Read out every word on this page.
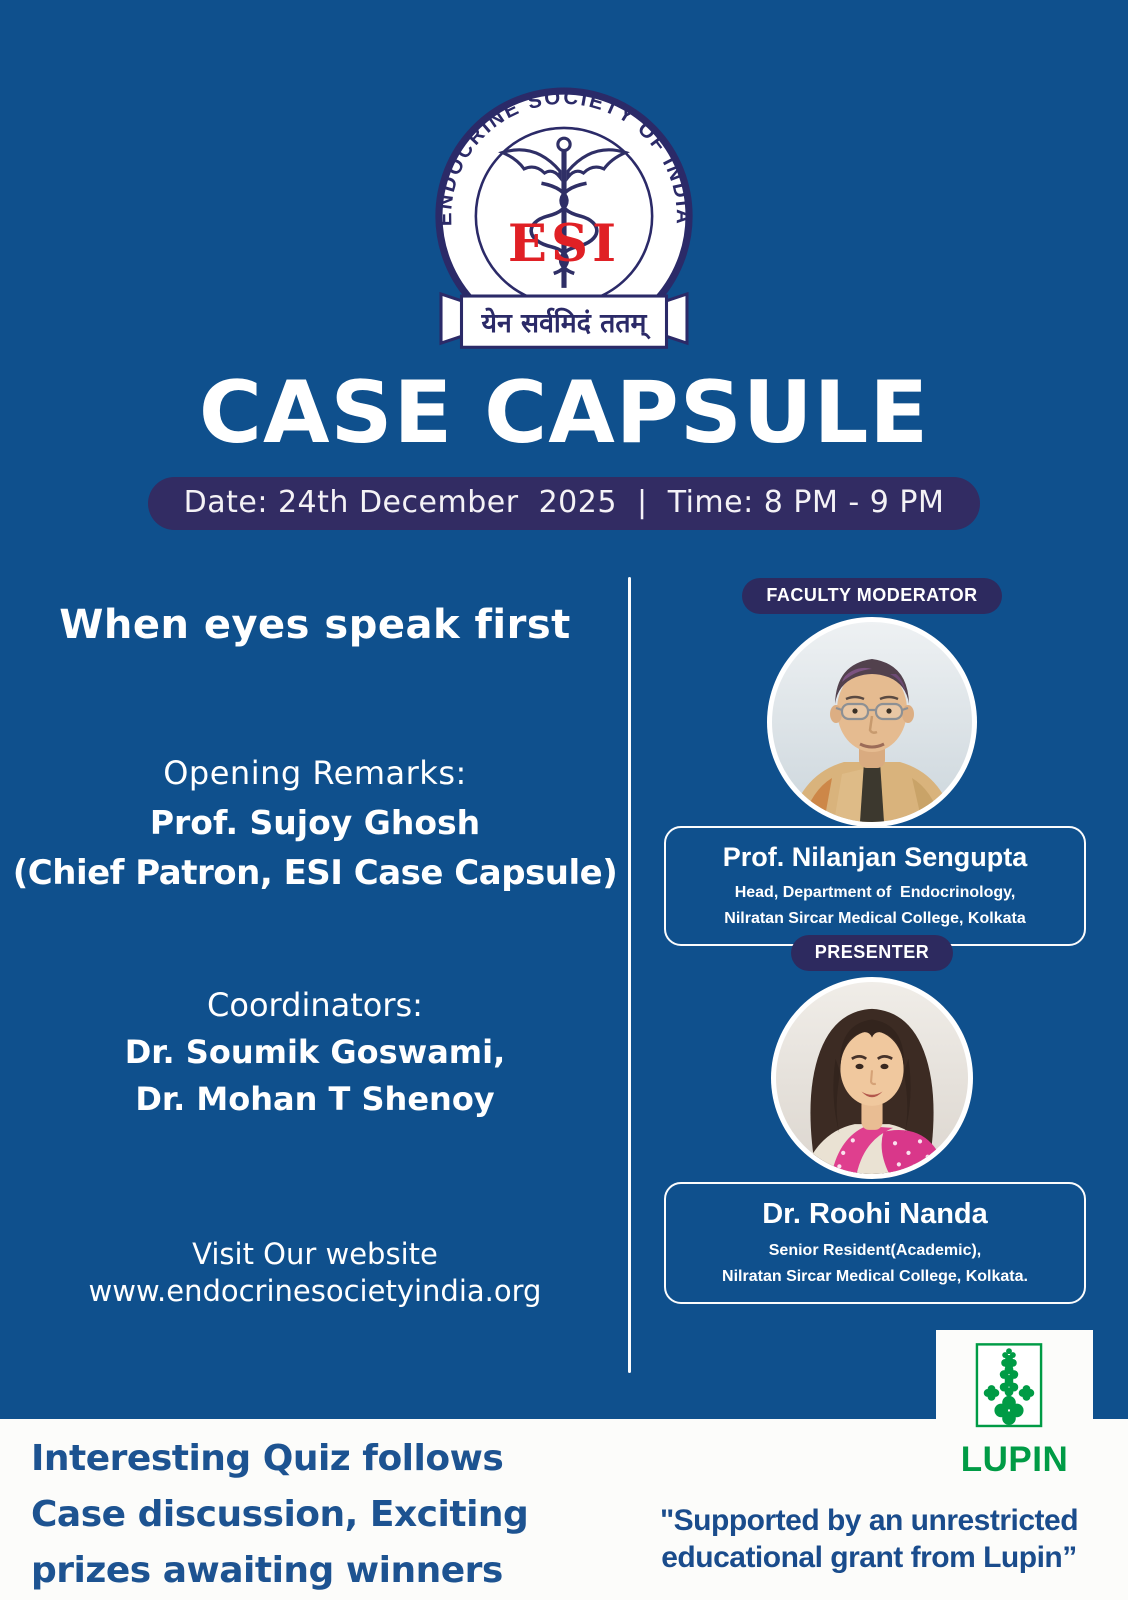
ENDOCRINE SOCIETY OF INDIA
ESI
येन सर्वमिदं ततम्
CASE CAPSULE
Date: 24th December  2025  |  Time: 8 PM - 9 PM
When eyes speak first
Opening Remarks:
Prof. Sujoy Ghosh
(Chief Patron, ESI Case Capsule)
Coordinators:
Dr. Soumik Goswami,
Dr. Mohan T Shenoy
Visit Our website
www.endocrinesocietyindia.org
FACULTY MODERATOR
Prof. Nilanjan Sengupta
Head, Department of  Endocrinology,
Nilratan Sircar Medical College, Kolkata
PRESENTER
Dr. Roohi Nanda
Senior Resident(Academic),
Nilratan Sircar Medical College, Kolkata.
LUPIN
Interesting Quiz follows
Case discussion, Exciting
prizes awaiting winners
"Supported by an unrestricted
educational grant from Lupin”
